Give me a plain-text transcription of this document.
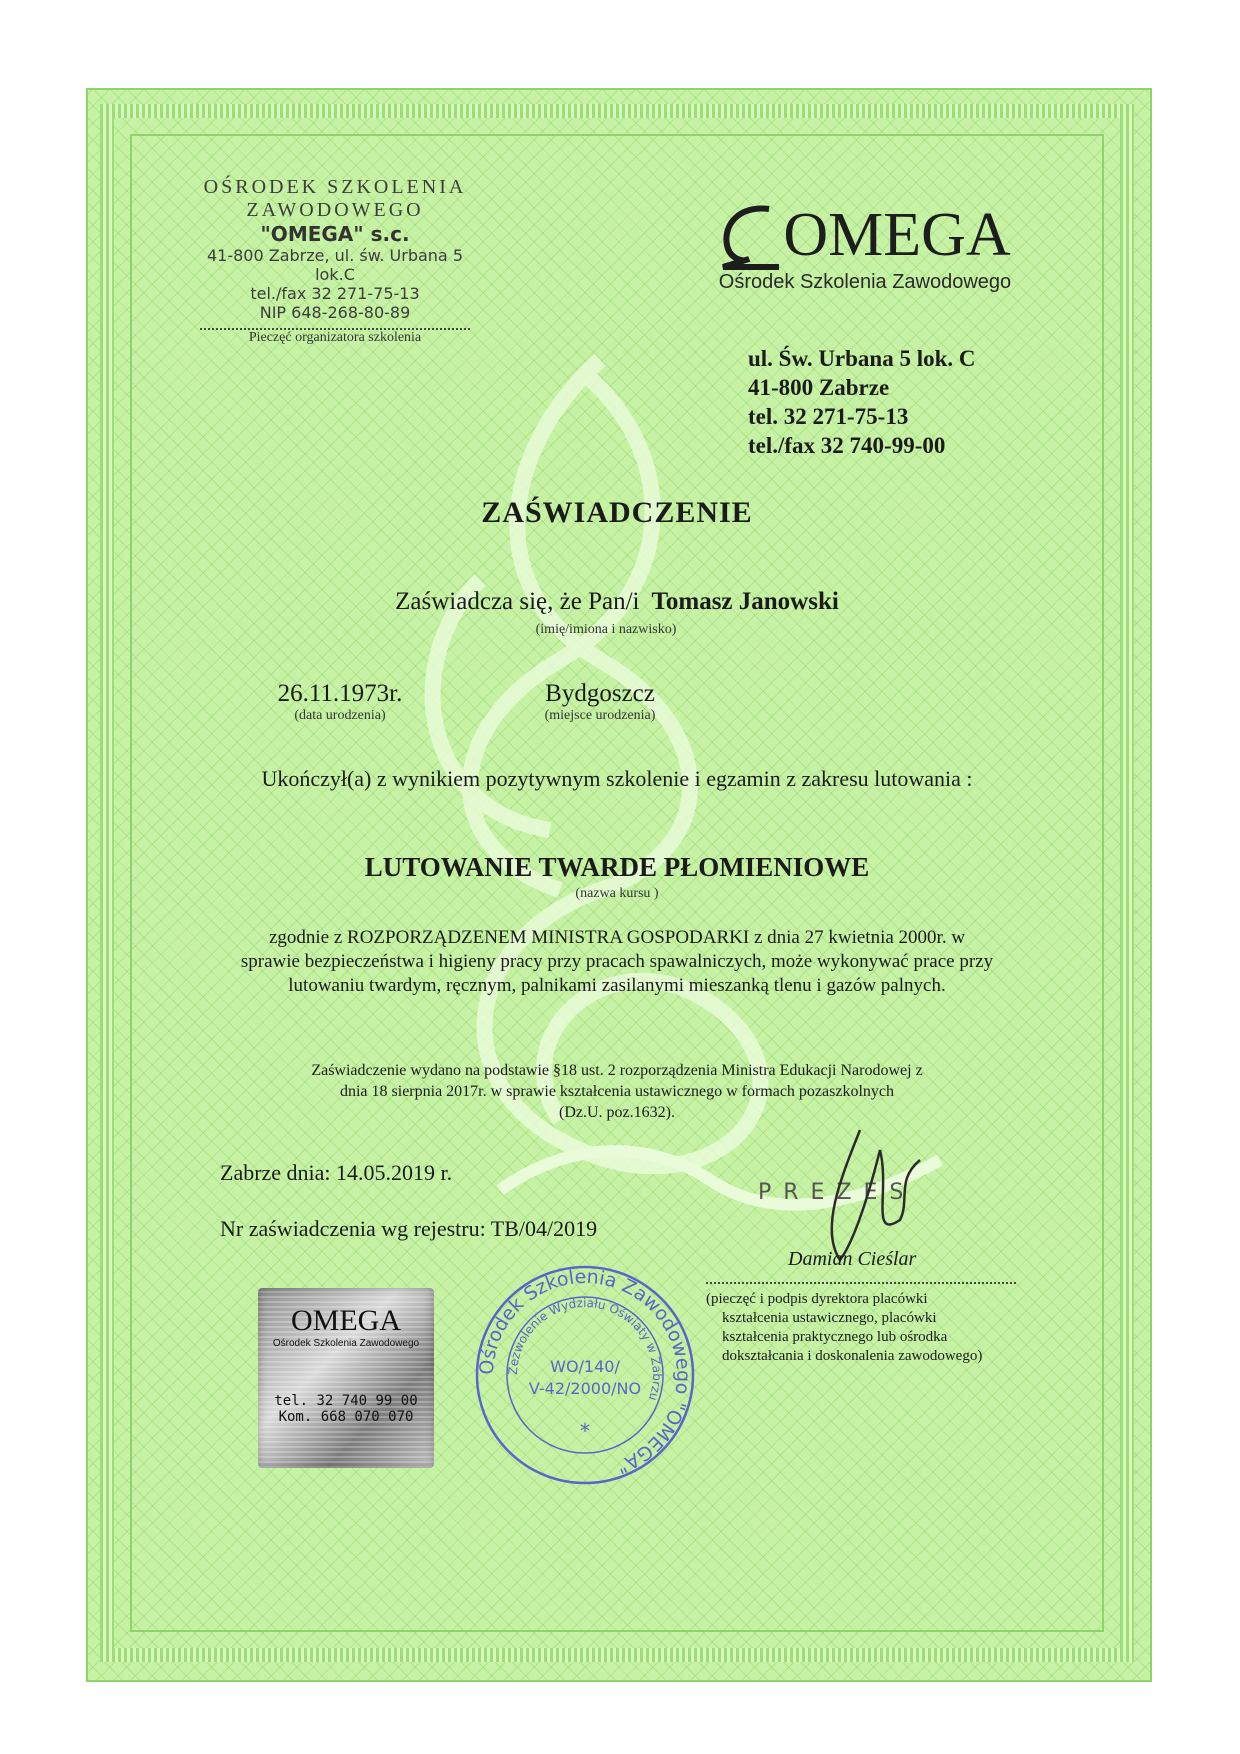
OŚRODEK SZKOLENIA
ZAWODOWEGO
"OMEGA" s.c.
41-800 Zabrze, ul. św. Urbana 5 lok.C
tel./fax 32 271-75-13
NIP 648-268-80-89
Pieczęć organizatora szkolenia
OMEGA
Ośrodek Szkolenia Zawodowego
ul. Św. Urbana 5 lok. C
41-800 Zabrze
tel. 32 271-75-13
tel./fax 32 740-99-00
ZAŚWIADCZENIE
Zaświadcza się, że Pan/i Tomasz Janowski
(imię/imiona i nazwisko)
26.11.1973r.
(data urodzenia)
Bydgoszcz
(miejsce urodzenia)
Ukończył(a) z wynikiem pozytywnym szkolenie i egzamin z zakresu lutowania :
LUTOWANIE TWARDE PŁOMIENIOWE
(nazwa kursu )
zgodnie z ROZPORZĄDZENEM MINISTRA GOSPODARKI z dnia 27 kwietnia 2000r. w
sprawie bezpieczeństwa i higieny pracy przy pracach spawalniczych, może wykonywać prace przy
lutowaniu twardym, ręcznym, palnikami zasilanymi mieszanką tlenu i gazów palnych.
Zaświadczenie wydano na podstawie §18 ust. 2 rozporządzenia Ministra Edukacji Narodowej z
dnia 18 sierpnia 2017r. w sprawie kształcenia ustawicznego w formach pozaszkolnych
(Dz.U. poz.1632).
Zabrze dnia: 14.05.2019 r.
Nr zaświadczenia wg rejestru: TB/04/2019
PREZES
Damian Cieślar
(pieczęć i podpis dyrektora placówki
kształcenia ustawicznego, placówki
kształcenia praktycznego lub ośrodka
dokształcania i doskonalenia zawodowego)
OMEGA
Ośrodek Szkolenia Zawodowego
tel. 32 740 99 00
Kom. 668 070 070
Ośrodek Szkolenia Zawodowego "OMEGA"
Zezwolenie Wydziału Oświaty w Zabrzu
WO/140/
V-42/2000/NO
*
